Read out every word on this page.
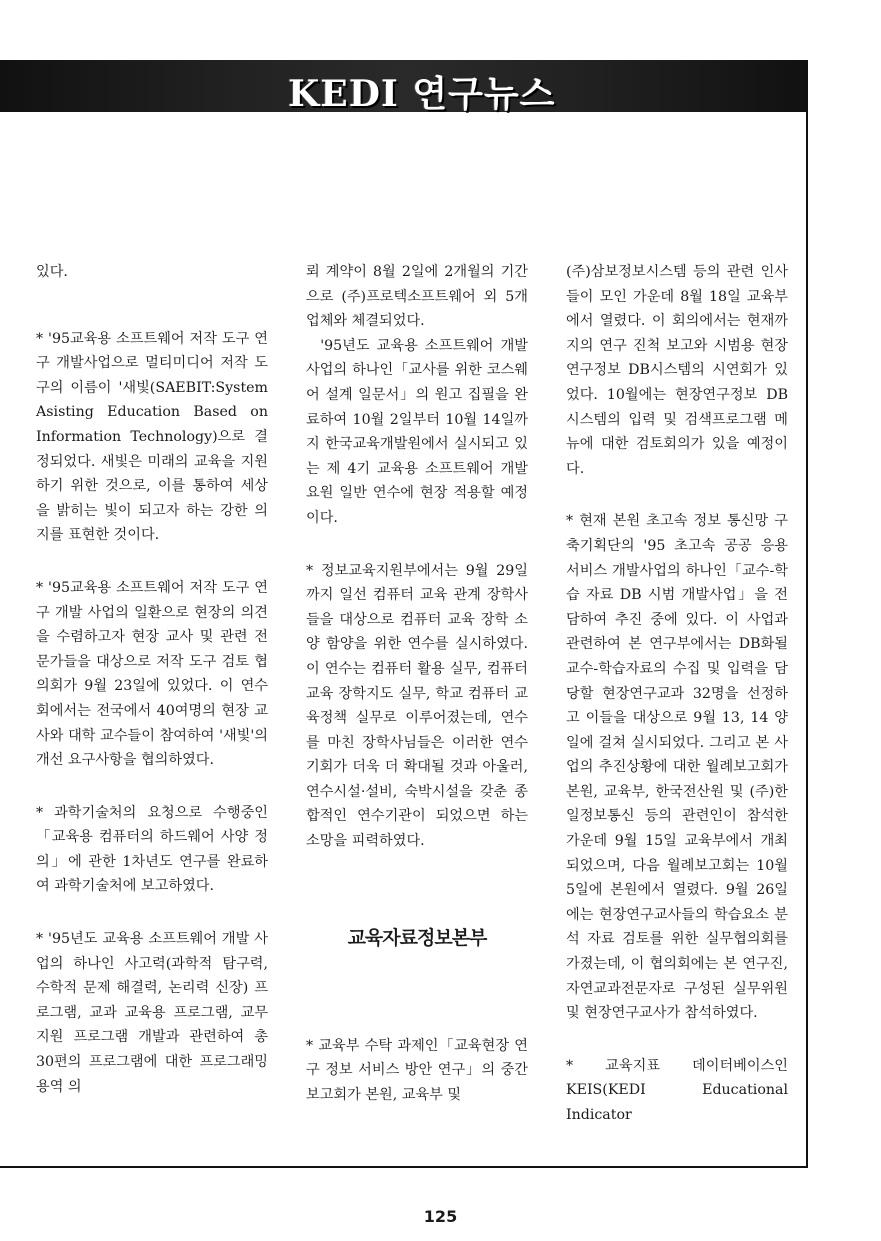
KEDI 연구뉴스

있다.

* '95교육용 소프트웨어 저작 도구 연구 개발사업으로 멀티미디어 저작 도구의 이름이 '새빛(SAEBIT:System Asisting Education Based on Information Technology)으로 결정되었다. 새빛은 미래의 교육을 지원하기 위한 것으로, 이를 통하여 세상을 밝히는 빛이 되고자 하는 강한 의지를 표현한 것이다.

* '95교육용 소프트웨어 저작 도구 연구 개발 사업의 일환으로 현장의 의견을 수렴하고자 현장 교사 및 관련 전문가들을 대상으로 저작 도구 검토 협의회가 9월 23일에 있었다. 이 연수회에서는 전국에서 40여명의 현장 교사와 대학 교수들이 참여하여 '새빛'의 개선 요구사항을 협의하였다.

* 과학기술처의 요청으로 수행중인「교육용 컴퓨터의 하드웨어 사양 정의」에 관한 1차년도 연구를 완료하여 과학기술처에 보고하였다.

* '95년도 교육용 소프트웨어 개발 사업의 하나인 사고력(과학적 탐구력, 수학적 문제 해결력, 논리력 신장) 프로그램, 교과 교육용 프로그램, 교무 지원 프로그램 개발과 관련하여 총 30편의 프로그램에 대한 프로그래밍 용역 의

뢰 계약이 8월 2일에 2개월의 기간으로 (주)프로텍소프트웨어 외 5개 업체와 체결되었다.

'95년도 교육용 소프트웨어 개발사업의 하나인「교사를 위한 코스웨어 설계 일문서」의 원고 집필을 완료하여 10월 2일부터 10월 14일까지 한국교육개발원에서 실시되고 있는 제 4기 교육용 소프트웨어 개발 요원 일반 연수에 현장 적용할 예정이다.

* 정보교육지원부에서는 9월 29일까지 일선 컴퓨터 교육 관계 장학사들을 대상으로 컴퓨터 교육 장학 소양 함양을 위한 연수를 실시하였다. 이 연수는 컴퓨터 활용 실무, 컴퓨터 교육 장학지도 실무, 학교 컴퓨터 교육정책 실무로 이루어졌는데, 연수를 마친 장학사님들은 이러한 연수 기회가 더욱 더 확대될 것과 아울러, 연수시설·설비, 숙박시설을 갖춘 종합적인 연수기관이 되었으면 하는 소망을 피력하였다.

교육자료정보본부

* 교육부 수탁 과제인「교육현장 연구 정보 서비스 방안 연구」의 중간보고회가 본원, 교육부 및

(주)삼보정보시스템 등의 관련 인사들이 모인 가운데 8월 18일 교육부에서 열렸다. 이 회의에서는 현재까지의 연구 진척 보고와 시범용 현장연구정보 DB시스템의 시연회가 있었다. 10월에는 현장연구정보 DB시스템의 입력 및 검색프로그램 메뉴에 대한 검토회의가 있을 예정이다.

* 현재 본원 초고속 정보 통신망 구축기획단의 '95 초고속 공공 응용 서비스 개발사업의 하나인「교수-학습 자료 DB 시범 개발사업」을 전담하여 추진 중에 있다. 이 사업과 관련하여 본 연구부에서는 DB화될 교수-학습자료의 수집 및 입력을 담당할 현장연구교과 32명을 선정하고 이들을 대상으로 9월 13, 14 양일에 걸쳐 실시되었다. 그리고 본 사업의 추진상황에 대한 월례보고회가 본원, 교육부, 한국전산원 및 (주)한일정보통신 등의 관련인이 참석한 가운데 9월 15일 교육부에서 개최되었으며, 다음 월례보고회는 10월 5일에 본원에서 열렸다. 9월 26일에는 현장연구교사들의 학습요소 분석 자료 검토를 위한 실무협의회를 가졌는데, 이 협의회에는 본 연구진, 자연교과전문자로 구성된 실무위원 및 현장연구교사가 참석하였다.

* 교육지표 데이터베이스인 KEIS(KEDI Educational Indicator

125
